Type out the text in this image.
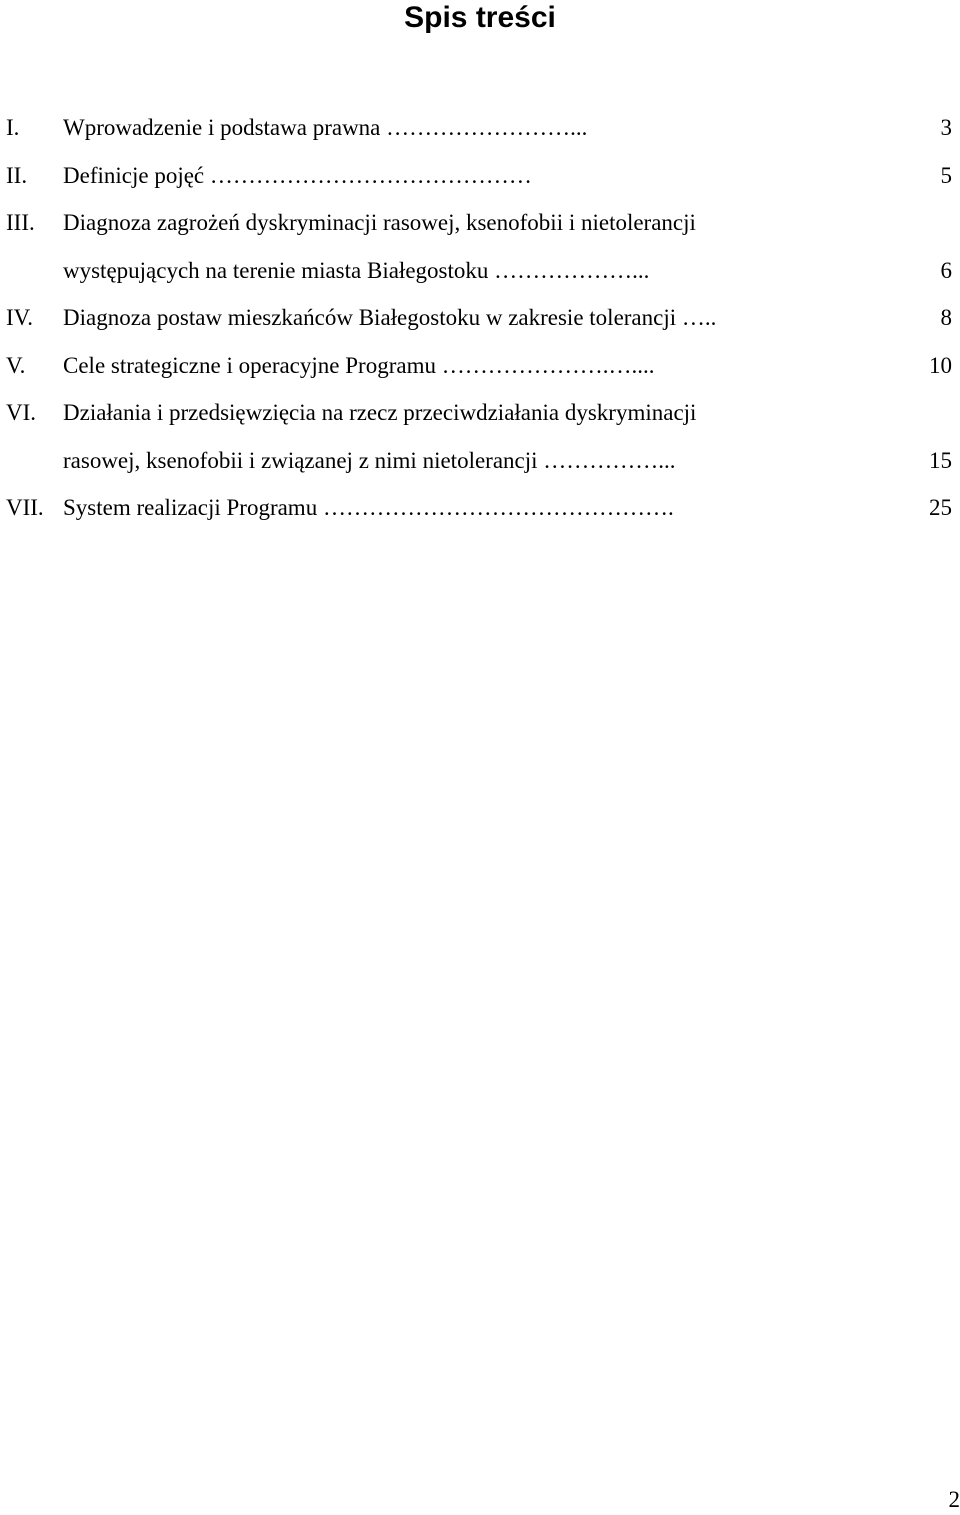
Spis treści
I.	Wprowadzenie i podstawa prawna ……………………...	3
II.	Definicje pojęć ……………………………………	5
III.	Diagnoza zagrożeń dyskryminacji rasowej, ksenofobii i nietolerancji
występujących na terenie miasta Białegostoku ………………...	6
IV.	Diagnoza postaw mieszkańców Białegostoku w zakresie tolerancji …..	8
V.	Cele strategiczne i operacyjne Programu ………………….…....	10
VI.	Działania i przedsięwzięcia na rzecz przeciwdziałania dyskryminacji
rasowej, ksenofobii i związanej z nimi nietolerancji ……………...	15
VII. System realizacji Programu ……………………………………….	25
2
